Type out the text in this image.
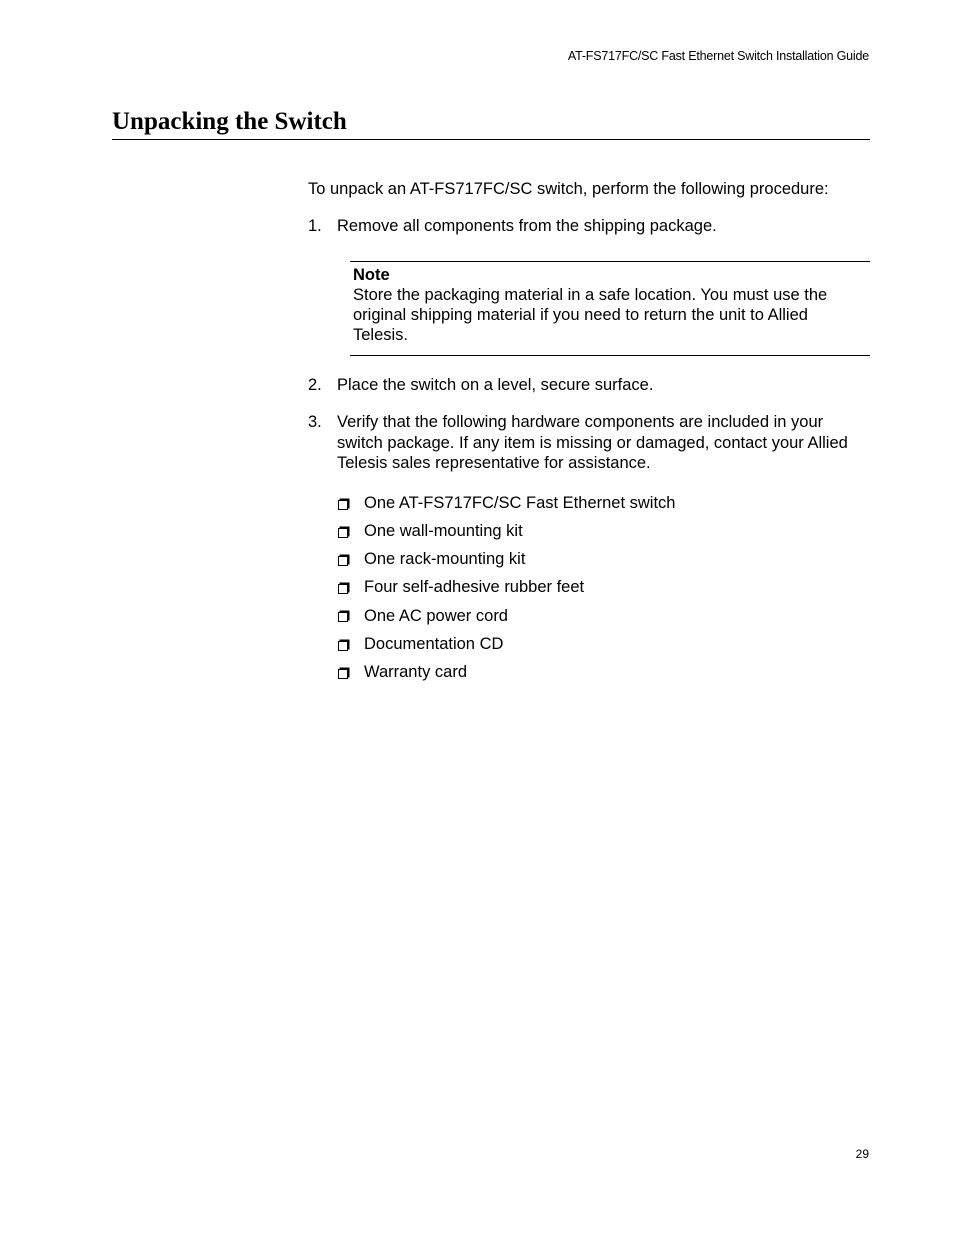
AT-FS717FC/SC Fast Ethernet Switch Installation Guide
Unpacking the Switch

To unpack an AT-FS717FC/SC switch, perform the following procedure:

1. Remove all components from the shipping package.
Note
Store the packaging material in a safe location. You must use the original shipping material if you need to return the unit to Allied Telesis.
2. Place the switch on a level, secure surface.
3. Verify that the following hardware components are included in your switch package. If any item is missing or damaged, contact your Allied Telesis sales representative for assistance.
One AT-FS717FC/SC Fast Ethernet switch
One wall-mounting kit
One rack-mounting kit
Four self-adhesive rubber feet
One AC power cord
Documentation CD
Warranty card
29
